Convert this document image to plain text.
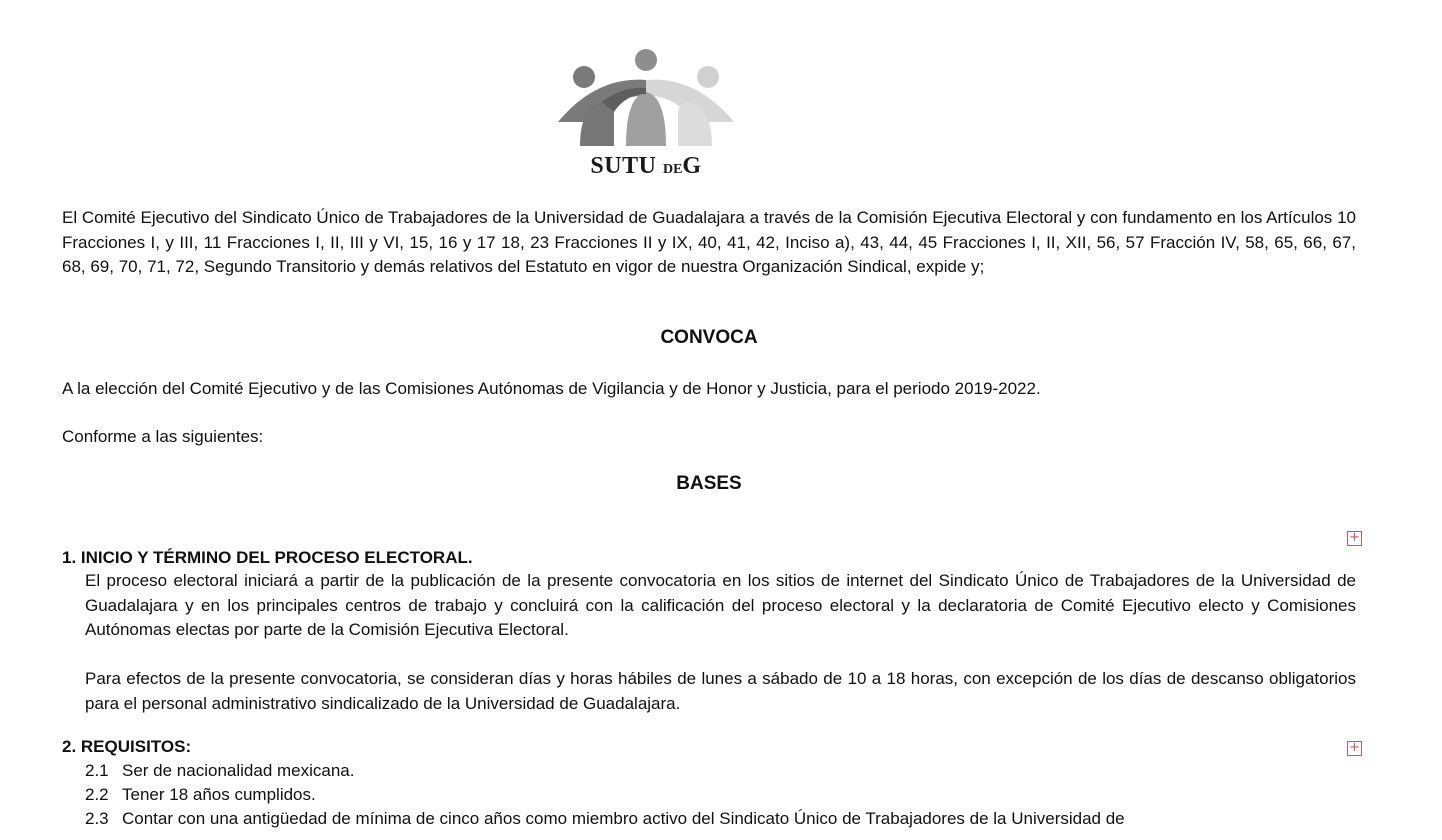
SUTU DEG
El Comité Ejecutivo del Sindicato Único de Trabajadores de la Universidad de Guadalajara a través de la Comisión Ejecutiva Electoral y con fundamento en los Artículos 10 Fracciones I, y III, 11 Fracciones I, II, III y VI, 15, 16 y 17 18, 23 Fracciones II y IX, 40, 41, 42, Inciso a), 43, 44, 45 Fracciones I, II, XII, 56, 57 Fracción IV, 58, 65, 66, 67, 68, 69, 70, 71, 72, Segundo Transitorio y demás relativos del Estatuto en vigor de nuestra Organización Sindical, expide y;
CONVOCA
A la elección del Comité Ejecutivo y de las Comisiones Autónomas de Vigilancia y de Honor y Justicia, para el periodo 2019-2022.
Conforme a las siguientes:
BASES
1. INICIO Y TÉRMINO DEL PROCESO ELECTORAL.
El proceso electoral iniciará a partir de la publicación de la presente convocatoria en los sitios de internet del Sindicato Único de Trabajadores de la Universidad de Guadalajara y en los principales centros de trabajo y concluirá con la calificación del proceso electoral y la declaratoria de Comité Ejecutivo electo y Comisiones Autónomas electas por parte de la Comisión Ejecutiva Electoral.
Para efectos de la presente convocatoria, se consideran días y horas hábiles de lunes a sábado de 10 a 18 horas, con excepción de los días de descanso obligatorios para el personal administrativo sindicalizado de la Universidad de Guadalajara.
2. REQUISITOS:
2.1 Ser de nacionalidad mexicana.
2.2 Tener 18 años cumplidos.
2.3 Contar con una antigüedad de mínima de cinco años como miembro activo del Sindicato Único de Trabajadores de la Universidad de
+
+
